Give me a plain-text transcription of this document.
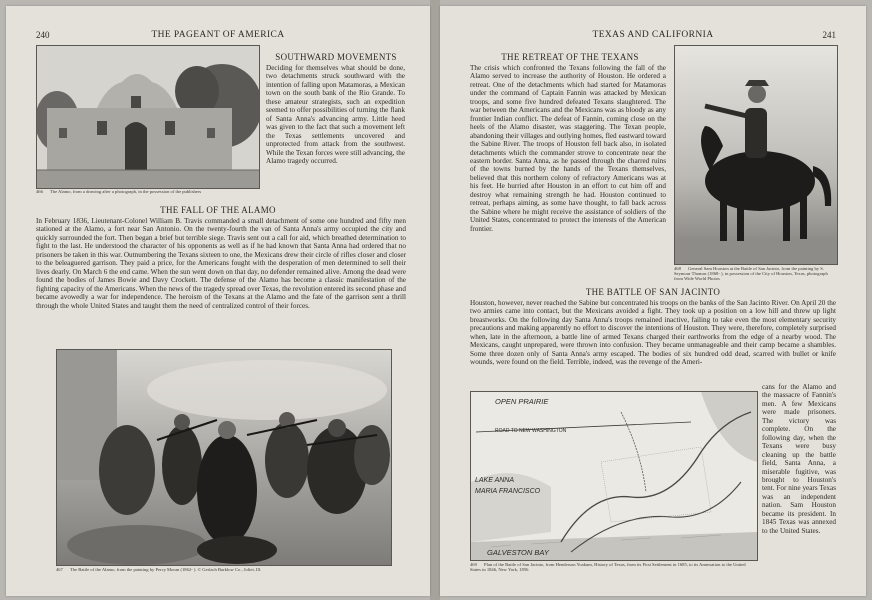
240	THE PAGEANT OF AMERICA
466 The Alamo, from a drawing after a photograph, in the possession of the publishers
SOUTHWARD MOVEMENTS

Deciding for themselves what should be done, two detachments struck southward with the intention of falling upon Matamoras, a Mexican town on the south bank of the Rio Grande. To these amateur strategists, such an expedition seemed to offer possibilities of turning the flank of Santa Anna's advancing army. Little heed was given to the fact that such a movement left the Texas settlements uncovered and unprotected from attack from the southwest. While the Texan forces were still advancing, the Alamo tragedy occurred.

THE FALL OF THE ALAMO

In February 1836, Lieutenant-Colonel William B. Travis commanded a small detachment of some one hundred and fifty men stationed at the Alamo, a fort near San Antonio. On the twenty-fourth the van of Santa Anna's army occupied the city and quickly surrounded the fort. Then began a brief but terrible siege. Travis sent out a call for aid, which breathed determination to fight to the last. He understood the character of his opponents as well as if he had known that Santa Anna had ordered that no prisoners be taken in this war. Outnumbering the Texans sixteen to one, the Mexicans drew their circle of rifles closer and closer to the beleaguered garrison. They paid a price, for the Americans fought with the desperation of men determined to sell their lives dearly. On March 6 the end came. When the sun went down on that day, no defender remained alive. Among the dead were found the bodies of James Bowie and Davy Crockett. The defense of the Alamo has become a classic manifestation of the fighting capacity of the Americans. When the news of the tragedy spread over Texas, the revolution entered its second phase and became avowedly a war for independence. The heroism of the Texans at the Alamo and the fate of the garrison sent a thrill through the whole United States and taught them the need of centralized control of their forces.

467 The Battle of the Alamo, from the painting by Percy Moran (1862- ). © Gerlach Barklow Co., Joliet, Ill.
TEXAS AND CALIFORNIA	241
THE RETREAT OF THE TEXANS

The crisis which confronted the Texans following the fall of the Alamo served to increase the authority of Houston. He ordered a retreat. One of the detachments which had started for Matamoras under the command of Captain Fannin was attacked by Mexican troops, and some five hundred defeated Texans slaughtered. The war between the Americans and the Mexicans was as bloody as any frontier Indian conflict. The defeat of Fannin, coming close on the heels of the Alamo disaster, was staggering. The Texan people, abandoning their villages and outlying homes, fled eastward toward the Sabine River. The troops of Houston fell back also, in isolated detachments which the commander strove to concentrate near the eastern border. Santa Anna, as he passed through the charred ruins of the towns burned by the hands of the Texans themselves, believed that this northern colony of refractory Americans was at his feet. He hurried after Houston in an effort to cut him off and destroy what remaining strength he had. Houston continued to retreat, perhaps aiming, as some have thought, to fall back across the Sabine where he might receive the assistance of soldiers of the United States, concentrated to protect the interests of the American frontier.

468 General Sam Houston at the Battle of San Jacinto, from the painting by S. Seymour Thomas (1868- ), in possession of the City of Houston, Texas, photograph from Wide World Photos
THE BATTLE OF SAN JACINTO

Houston, however, never reached the Sabine but concentrated his troops on the banks of the San Jacinto River. On April 20 the two armies came into contact, but the Mexicans avoided a fight. They took up a position on a low hill and threw up light breastworks. On the following day Santa Anna's troops remained inactive, failing to take even the most elementary security precautions and making apparently no effort to discover the intentions of Houston. They were, therefore, completely surprised when, late in the afternoon, a battle line of armed Texans charged their earthworks from the edge of a nearby wood. The Mexicans, caught unprepared, were thrown into confusion. They became unmanageable and their camp became a shambles. Some three dozen only of Santa Anna's army escaped. The bodies of six hundred odd dead, scarred with bullet or knife wounds, were found on the field. Terrible, indeed, was the revenge of the Ameri-

cans for the Alamo and the massacre of Fannin's men. A few Mexicans were made prisoners. The victory was complete. On the following day, when the Texans were busy cleaning up the battle field, Santa Anna, a miserable fugitive, was brought to Houston's tent. For nine years Texas was an independent nation. Sam Houston became its president. In 1845 Texas was annexed to the United States.

OPEN PRAIRIE
ROAD TO NEW WASHINGTON
LAKE ANNA
MARIA FRANCISCO
GALVESTON BAY
469 Plan of the Battle of San Jacinto, from Henderson Yoakum, History of Texas, from its First Settlement in 1685, to its Annexation to the United States in 1846, New York, 1856
